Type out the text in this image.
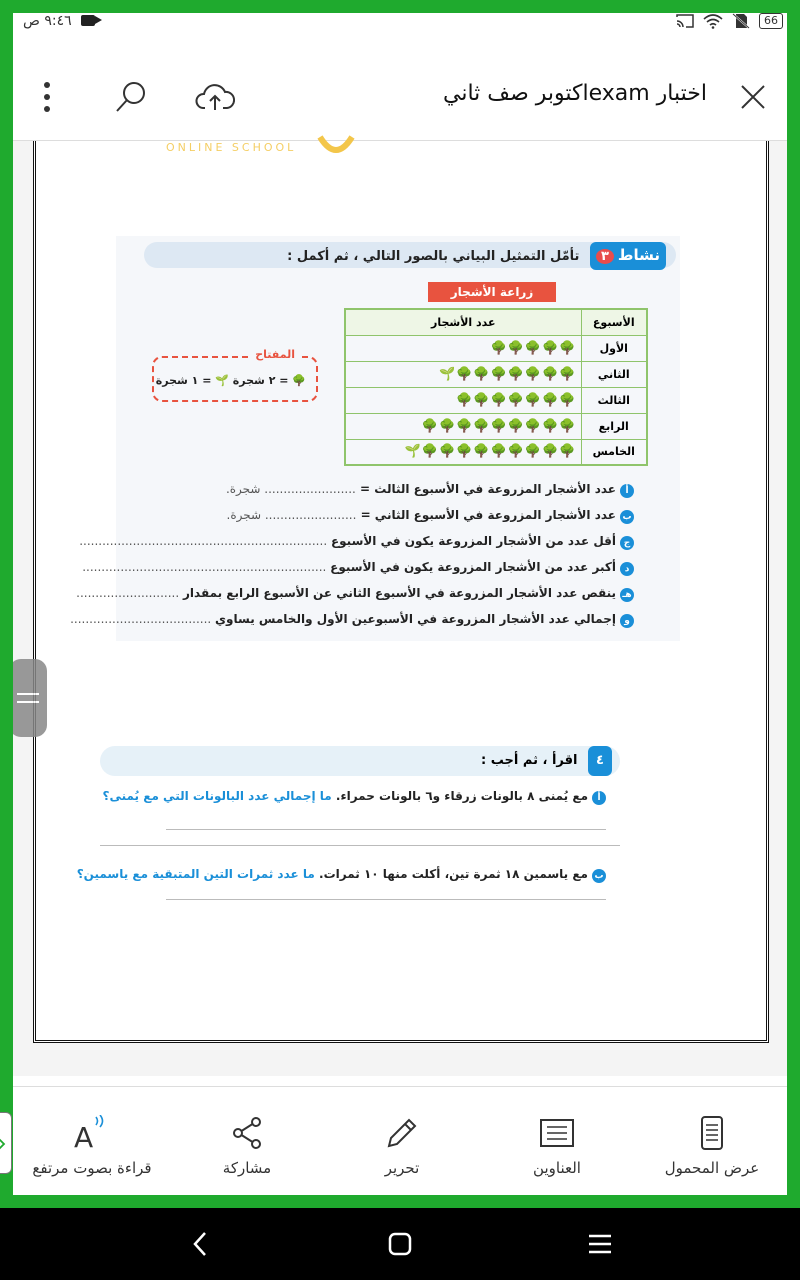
٩:٤٦ ص	66
اختبار examاكتوبر صف ثاني
ONLINE SCHOOL
نشاط٣ تأمّل التمثيل البياني بالصور التالي ، ثم أكمل :
زراعة الأشجار
الأسبوع	عدد الأشجار
الأول	🌳🌳🌳🌳🌳
الثاني	🌳🌳🌳🌳🌳🌳🌳🌱
الثالث	🌳🌳🌳🌳🌳🌳🌳
الرابع	🌳🌳🌳🌳🌳🌳🌳🌳🌳
الخامس	🌳🌳🌳🌳🌳🌳🌳🌳🌳🌱
المفتاح
🌳 = ٢ شجرة 🌱 = ١ شجرة
أعدد الأشجار المزروعة في الأسبوع الثالث = ........................ شجرة.
بعدد الأشجار المزروعة في الأسبوع الثاني = ........................ شجرة.
جأقل عدد من الأشجار المزروعة يكون في الأسبوع .................................................................
دأكبر عدد من الأشجار المزروعة يكون في الأسبوع ................................................................
هـينقص عدد الأشجار المزروعة في الأسبوع الثاني عن الأسبوع الرابع بمقدار ...........................
وإجمالي عدد الأشجار المزروعة في الأسبوعين الأول والخامس يساوي .....................................
٤ اقرأ ، ثم أجب :
أمع يُمنى ٨ بالونات زرقاء و٦ بالونات حمراء. ما إجمالي عدد البالونات التي مع يُمنى؟
بمع ياسمين ١٨ ثمرة تين، أكلت منها ١٠ ثمرات. ما عدد ثمرات التين المتبقية مع ياسمين؟
عرض المحمول
العناوين
تحرير
مشاركة
A
قراءة بصوت مرتفع
